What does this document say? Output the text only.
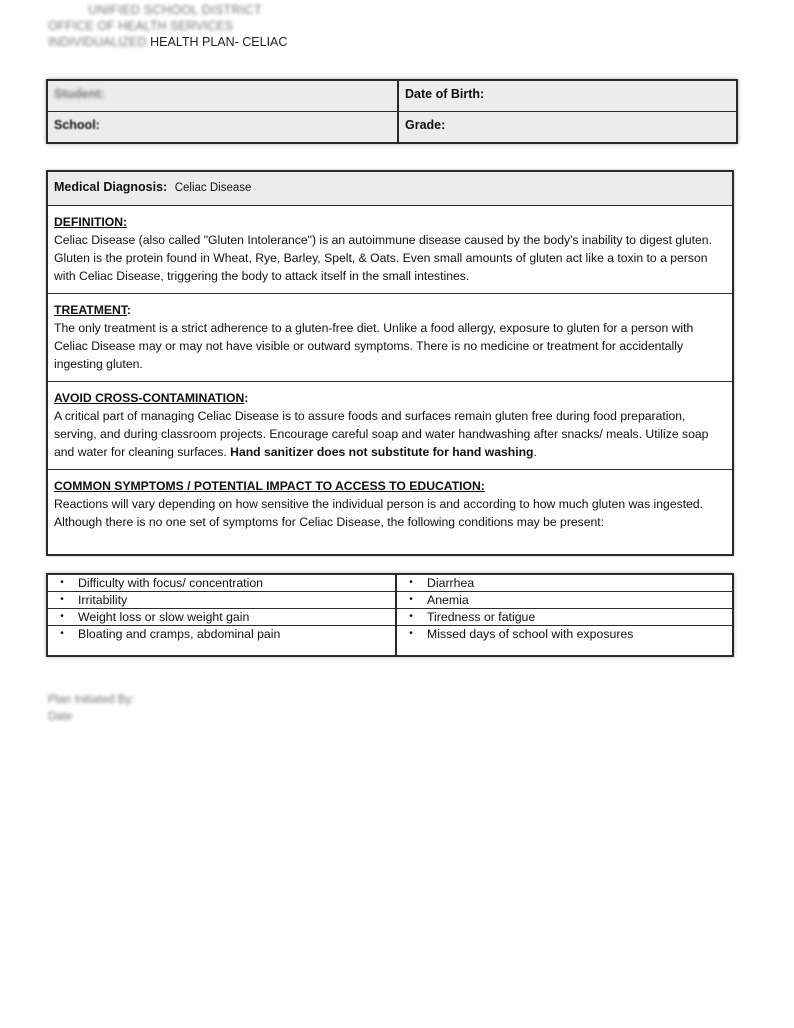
UNIFIED SCHOOL DISTRICT
OFFICE OF HEALTH SERVICES
INDIVIDUALIZED HEALTH PLAN- CELIAC
Student:	Date of Birth:
School:	Grade:
Medical Diagnosis: Celiac Disease
DEFINITION:

Celiac Disease (also called "Gluten Intolerance") is an autoimmune disease caused by the body's inability to digest gluten. Gluten is the protein found in Wheat, Rye, Barley, Spelt, & Oats. Even small amounts of gluten act like a toxin to a person with Celiac Disease, triggering the body to attack itself in the small intestines.

TREATMENT:

The only treatment is a strict adherence to a gluten-free diet. Unlike a food allergy, exposure to gluten for a person with Celiac Disease may or may not have visible or outward symptoms. There is no medicine or treatment for accidentally ingesting gluten.

AVOID CROSS-CONTAMINATION:

A critical part of managing Celiac Disease is to assure foods and surfaces remain gluten free during food preparation, serving, and during classroom projects. Encourage careful soap and water handwashing after snacks/ meals. Utilize soap and water for cleaning surfaces. Hand sanitizer does not substitute for hand washing.

COMMON SYMPTOMS / POTENTIAL IMPACT TO ACCESS TO EDUCATION:

Reactions will vary depending on how sensitive the individual person is and according to how much gluten was ingested. Although there is no one set of symptoms for Celiac Disease, the following conditions may be present:

•	Difficulty with focus/ concentration
•	Irritability
•	Weight loss or slow weight gain
•	Bloating and cramps, abdominal pain
•	Diarrhea
•	Anemia
•	Tiredness or fatigue
•	Missed days of school with exposures
Plan Initiated By:
Date
